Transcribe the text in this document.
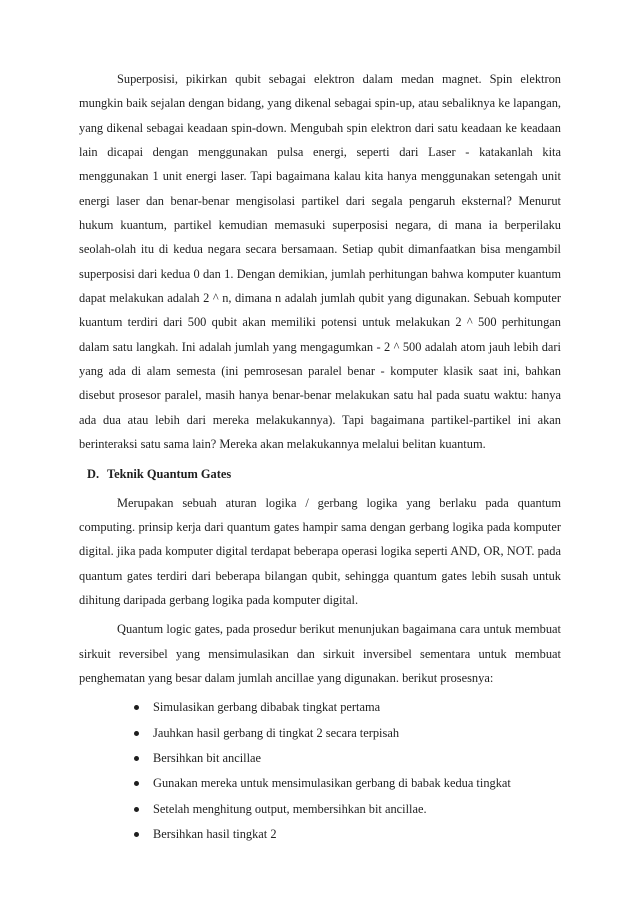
Superposisi, pikirkan qubit sebagai elektron dalam medan magnet. Spin elektron mungkin baik sejalan dengan bidang, yang dikenal sebagai spin-up, atau sebaliknya ke lapangan, yang dikenal sebagai keadaan spin-down. Mengubah spin elektron dari satu keadaan ke keadaan lain dicapai dengan menggunakan pulsa energi, seperti dari Laser - katakanlah kita menggunakan 1 unit energi laser. Tapi bagaimana kalau kita hanya menggunakan setengah unit energi laser dan benar-benar mengisolasi partikel dari segala pengaruh eksternal? Menurut hukum kuantum, partikel kemudian memasuki superposisi negara, di mana ia berperilaku seolah-olah itu di kedua negara secara bersamaan. Setiap qubit dimanfaatkan bisa mengambil superposisi dari kedua 0 dan 1. Dengan demikian, jumlah perhitungan bahwa komputer kuantum dapat melakukan adalah 2 ^ n, dimana n adalah jumlah qubit yang digunakan. Sebuah komputer kuantum terdiri dari 500 qubit akan memiliki potensi untuk melakukan 2 ^ 500 perhitungan dalam satu langkah. Ini adalah jumlah yang mengagumkan - 2 ^ 500 adalah atom jauh lebih dari yang ada di alam semesta (ini pemrosesan paralel benar - komputer klasik saat ini, bahkan disebut prosesor paralel, masih hanya benar-benar melakukan satu hal pada suatu waktu: hanya ada dua atau lebih dari mereka melakukannya). Tapi bagaimana partikel-partikel ini akan berinteraksi satu sama lain? Mereka akan melakukannya melalui belitan kuantum.

D. Teknik Quantum Gates

Merupakan sebuah aturan logika / gerbang logika yang berlaku pada quantum computing. prinsip kerja dari quantum gates hampir sama dengan gerbang logika pada komputer digital. jika pada komputer digital terdapat beberapa operasi logika seperti AND, OR, NOT. pada quantum gates terdiri dari beberapa bilangan qubit, sehingga quantum gates lebih susah untuk dihitung daripada gerbang logika pada komputer digital.

Quantum logic gates, pada prosedur berikut menunjukan bagaimana cara untuk membuat sirkuit reversibel yang mensimulasikan dan sirkuit inversibel sementara untuk membuat penghematan yang besar dalam jumlah ancillae yang digunakan. berikut prosesnya:

Simulasikan gerbang dibabak tingkat pertama
Jauhkan hasil gerbang di tingkat 2 secara terpisah
Bersihkan bit ancillae
Gunakan mereka untuk mensimulasikan gerbang di babak kedua tingkat
Setelah menghitung output, membersihkan bit ancillae.
Bersihkan hasil tingkat 2
